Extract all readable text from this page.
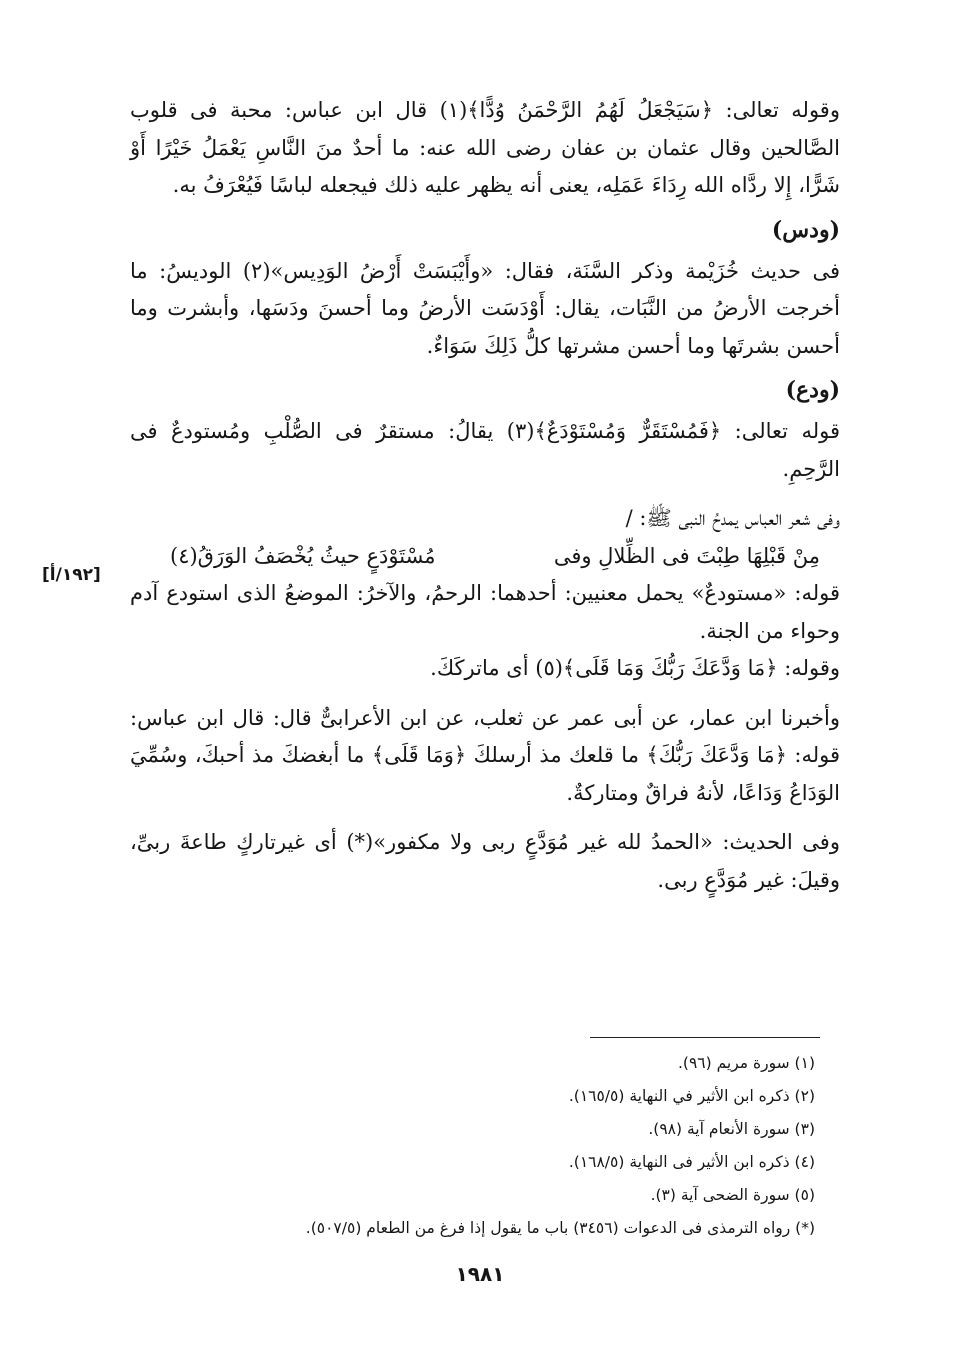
وقوله تعالى: ﴿سَيَجْعَلُ لَهُمُ الرَّحْمَنُ وُدًّا﴾(١) قال ابن عباس: محبة فى قلوب الصَّالحين وقال عثمان بن عفان رضى الله عنه: ما أحدٌ منَ النَّاسِ يَعْمَلُ خَيْرًا أَوْ شَرًّا، إِلا ردَّاه الله رِدَاءَ عَمَلِه، يعنى أنه يظهر عليه ذلك فيجعله لباسًا فَيُعْرَفُ به.

(ودس)

فى حديث خُزَيْمة وذكر السَّنَة، فقال: «وأَيْبَسَتْ أَرْضُ الوَدِيس»(٢) الوديسُ: ما أخرجت الأرضُ من النَّبَات، يقال: أَوْدَسَت الأرضُ وما أحسنَ ودَسَها، وأبشرت وما أحسن بشرتَها وما أحسن مشرتها كلُّ ذَلِكَ سَوَاءٌ.

(ودع)

قوله تعالى: ﴿فَمُسْتَقَرٌّ وَمُسْتَوْدَعٌ﴾(٣) يقالُ: مستقرٌ فى الصُّلْبِ ومُستودعٌ فى الرَّحِمِ.

وفى شعر العباس يمدحُ النبى ﷺ: /

مِنْ قَبْلِهَا طِبْتَ فى الظِّلالِ وفى
مُسْتَوْدَعٍ حيثُ يُخْصَفُ الوَرَقُ(٤)

قوله: «مستودعٌ» يحمل معنيين: أحدهما: الرحمُ، والآخرُ: الموضعُ الذى استودع آدم وحواء من الجنة.

وقوله: ﴿مَا وَدَّعَكَ رَبُّكَ وَمَا قَلَى﴾(٥) أى ماتركَكَ.

وأخبرنا ابن عمار، عن أبى عمر عن ثعلب، عن ابن الأعرابىٌّ قال: قال ابن عباس: قوله: ﴿مَا وَدَّعَكَ رَبُّكَ﴾ ما قلعك مذ أرسلكَ ﴿وَمَا قَلَى﴾ ما أبغضكَ مذ أحبكَ، وسُمِّيَ الوَدَاعُ وَدَاعًا، لأنهُ فراقٌ ومتاركةٌ.

وفى الحديث: «الحمدُ لله غير مُوَدَّعٍ ربى ولا مكفور»(*) أى غيرتاركٍ طاعةَ ربىِّ، وقيلَ: غير مُوَدَّعٍ ربى.

[١٩٢/أ]
(١) سورة مريم (٩٦).
(٢) ذكره ابن الأثير في النهاية (١٦٥/٥).
(٣) سورة الأنعام آية (٩٨).
(٤) ذكره ابن الأثير فى النهاية (١٦٨/٥).
(٥) سورة الضحى آية (٣).
(*) رواه الترمذى فى الدعوات (٣٤٥٦) باب ما يقول إذا فرغ من الطعام (٥٠٧/٥).
١٩٨١
